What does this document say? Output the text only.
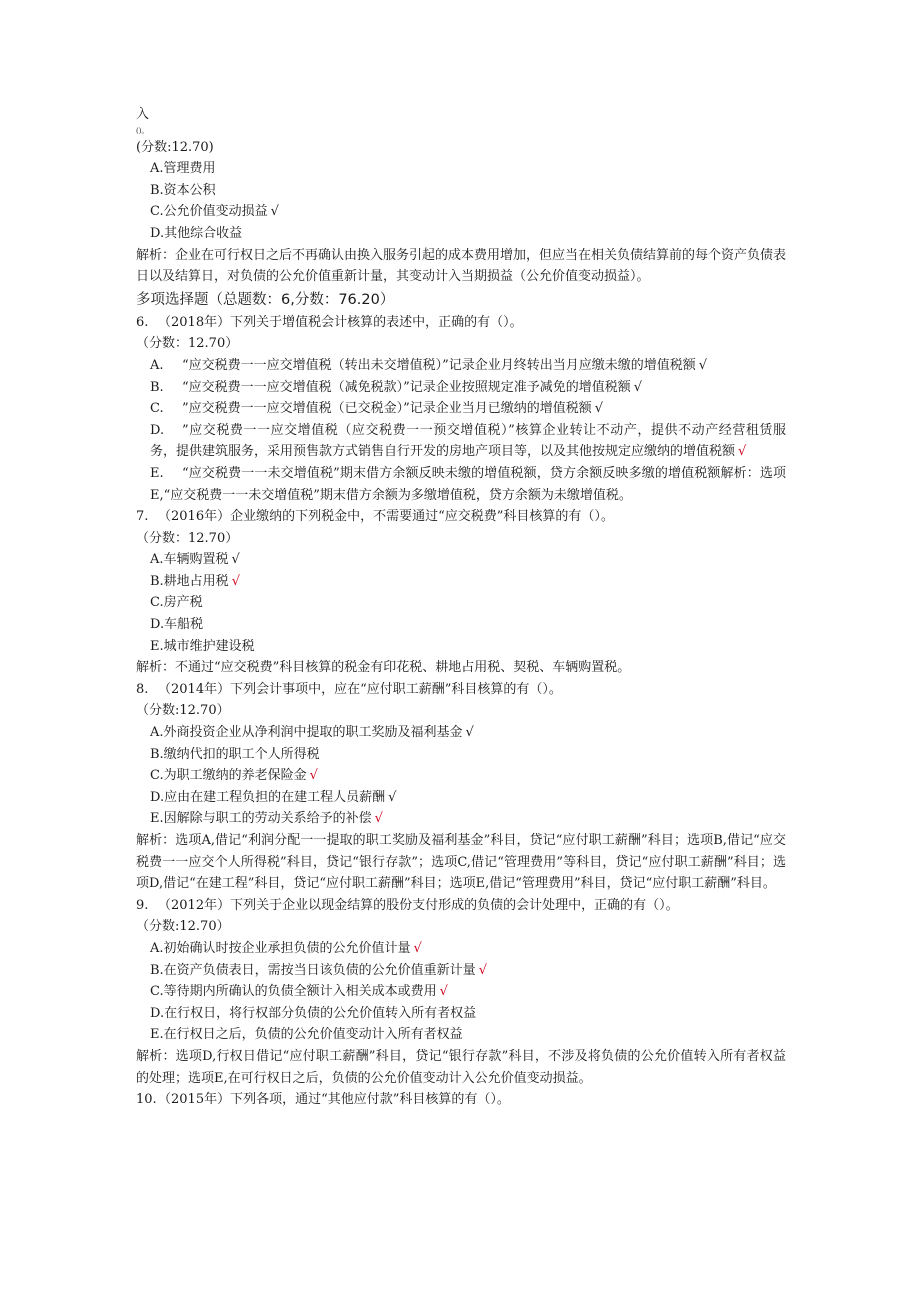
入
()。
(分数:12.70)
A.管理费用
B.资本公积
C.公允价值变动损益 √
D.其他综合收益
解析：企业在可行权日之后不再确认由换入服务引起的成本费用增加，但应当在相关负债结算前的每个资产负债表日以及结算日，对负债的公允价值重新计量，其变动计入当期损益（公允价值变动损益）。
多项选择题（总题数：6,分数：76.20）
6. （2018年）下列关于增值税会计核算的表述中，正确的有（）。
（分数：12.70）
A. “应交税费一一应交增值税（转出未交增值税）”记录企业月终转出当月应缴未缴的增值税额 √
B. “应交税费一一应交增值税（减免税款）”记录企业按照规定准予减免的增值税额 √
C. ”应交税费一一应交增值税（已交税金）”记录企业当月已缴纳的增值税额 √
D. ”应交税费一一应交增值税（应交税费一一预交增值税）”核算企业转让不动产，提供不动产经营租赁服务，提供建筑服务，采用预售款方式销售自行开发的房地产项目等，以及其他按规定应缴纳的增值税额 √
E. “应交税费一一未交增值税”期末借方余额反映未缴的增值税额，贷方余额反映多缴的增值税额解析：选项E,“应交税费一一未交增值税”期末借方余额为多缴增值税，贷方余额为未缴增值税。
7. （2016年）企业缴纳的下列税金中，不需要通过“应交税费”科目核算的有（）。
（分数：12.70）
A.车辆购置税 √
B.耕地占用税 √
C.房产税
D.车船税
E.城市维护建设税
解析：不通过“应交税费”科目核算的税金有印花税、耕地占用税、契税、车辆购置税。
8. （2014年）下列会计事项中，应在“应付职工薪酬”科目核算的有（）。
（分数:12.70）
A.外商投资企业从净利润中提取的职工奖励及福利基金 √
B.缴纳代扣的职工个人所得税
C.为职工缴纳的养老保险金 √
D.应由在建工程负担的在建工程人员薪酬 √
E.因解除与职工的劳动关系给予的补偿 √
解析：选项A,借记“利润分配一一提取的职工奖励及福利基金”科目，贷记“应付职工薪酬”科目；选项B,借记“应交税费一一应交个人所得税”科目，贷记“银行存款”；选项C,借记“管理费用”等科目，贷记“应付职工薪酬”科目；选项D,借记“在建工程”科目，贷记“应付职工薪酬”科目；选项E,借记“管理费用”科目，贷记“应付职工薪酬”科目。
9. （2012年）下列关于企业以现金结算的股份支付形成的负债的会计处理中，正确的有（）。
（分数:12.70）
A.初始确认时按企业承担负债的公允价值计量 √
B.在资产负债表日，需按当日该负债的公允价值重新计量 √
C.等待期内所确认的负债全额计入相关成本或费用 √
D.在行权日，将行权部分负债的公允价值转入所有者权益
E.在行权日之后，负债的公允价值变动计入所有者权益
解析：选项D,行权日借记“应付职工薪酬”科目，贷记“银行存款”科目，不涉及将负债的公允价值转入所有者权益的处理；选项E,在可行权日之后，负债的公允价值变动计入公允价值变动损益。
10.（2015年）下列各项，通过“其他应付款”科目核算的有（）。
